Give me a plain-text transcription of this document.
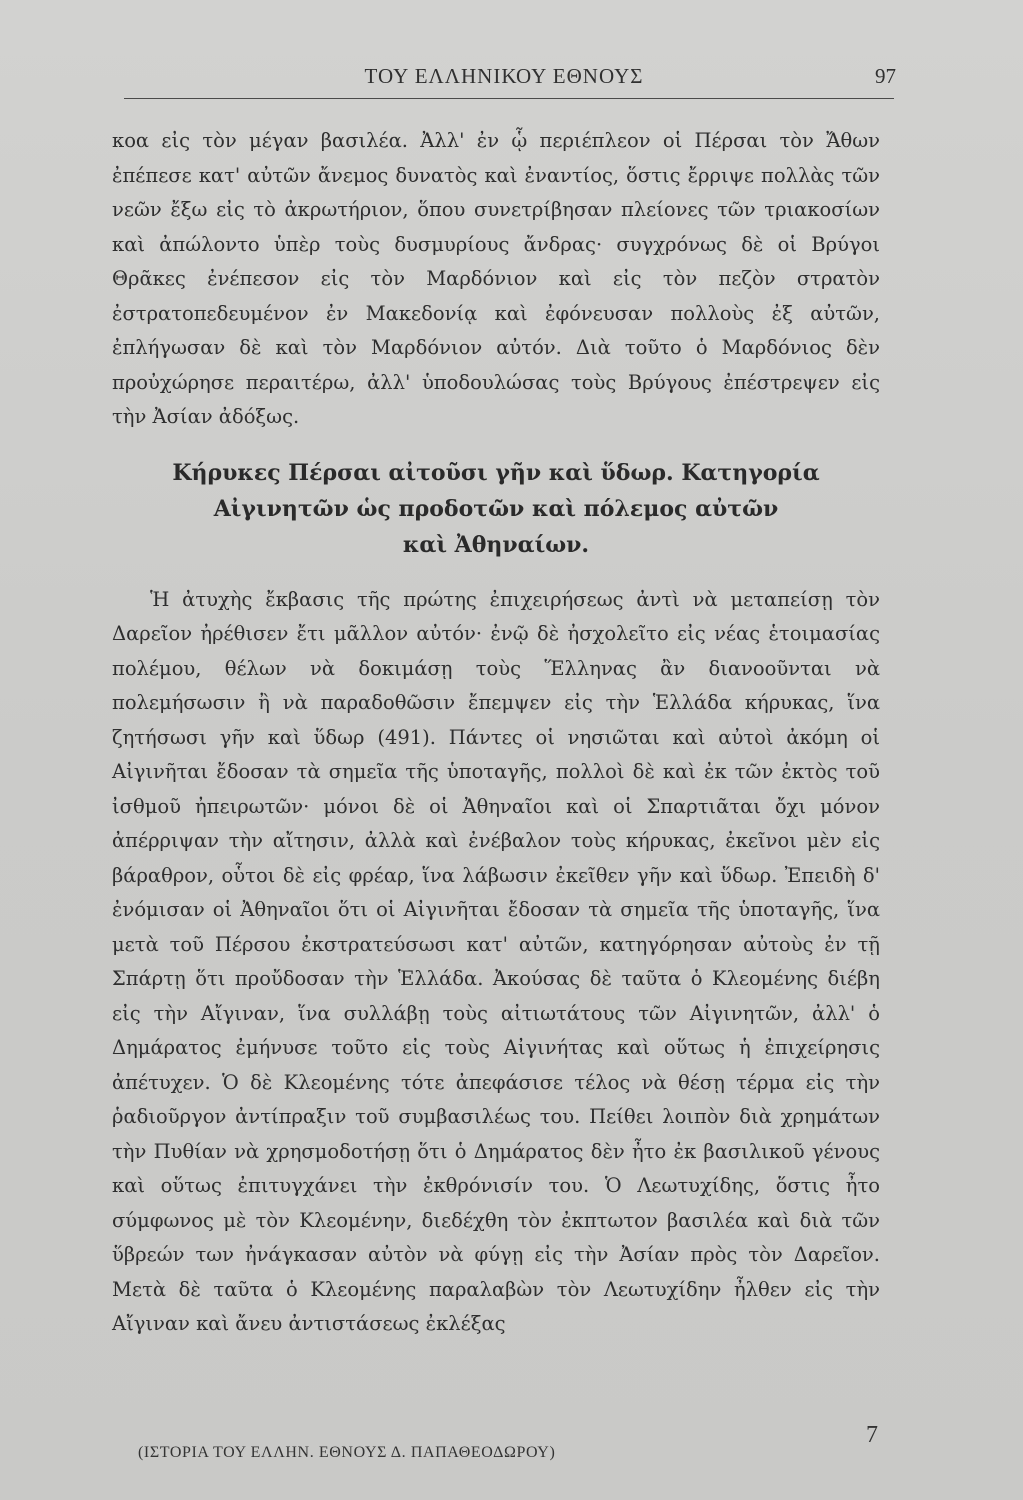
ΤΟΥ ΕΛΛΗΝΙΚΟΥ ΕΘΝΟΥΣ	97

κοα εἰς τὸν μέγαν βασιλέα. Ἀλλ' ἐν ᾧ περιέπλεον οἱ Πέρσαι τὸν Ἄθων ἐπέπεσε κατ' αὐτῶν ἄνεμος δυνατὸς καὶ ἐναντίος, ὅστις ἔρριψε πολλὰς τῶν νεῶν ἔξω εἰς τὸ ἀκρωτήριον, ὅπου συνετρίβησαν πλείονες τῶν τριακοσίων καὶ ἀπώλοντο ὑπὲρ τοὺς δυσμυρίους ἄνδρας· συγχρόνως δὲ οἱ Βρύγοι Θρᾶκες ἐνέπεσον εἰς τὸν Μαρδόνιον καὶ εἰς τὸν πεζὸν στρατὸν ἐστρατοπεδευμένον ἐν Μακεδονίᾳ καὶ ἐφόνευσαν πολλοὺς ἐξ αὐτῶν, ἐπλήγωσαν δὲ καὶ τὸν Μαρδόνιον αὐτόν. Διὰ τοῦτο ὁ Μαρδόνιος δὲν προὐχώρησε περαιτέρω, ἀλλ' ὑποδουλώσας τοὺς Βρύγους ἐπέστρεψεν εἰς τὴν Ἀσίαν ἀδόξως.

Κήρυκες Πέρσαι αἰτοῦσι γῆν καὶ ὕδωρ. Κατηγορία
Αἰγινητῶν ὡς προδοτῶν καὶ πόλεμος αὐτῶν
καὶ Ἀθηναίων.

Ἡ ἀτυχὴς ἔκβασις τῆς πρώτης ἐπιχειρήσεως ἀντὶ νὰ μεταπείσῃ τὸν Δαρεῖον ἠρέθισεν ἔτι μᾶλλον αὐτόν· ἐνῷ δὲ ἠσχολεῖτο εἰς νέας ἑτοιμασίας πολέμου, θέλων νὰ δοκιμάσῃ τοὺς Ἕλληνας ἂν διανοοῦνται νὰ πολεμήσωσιν ἢ νὰ παραδοθῶσιν ἔπεμψεν εἰς τὴν Ἑλλάδα κήρυκας, ἵνα ζητήσωσι γῆν καὶ ὕδωρ (491). Πάντες οἱ νησιῶται καὶ αὐτοὶ ἀκόμη οἱ Αἰγινῆται ἔδοσαν τὰ σημεῖα τῆς ὑποταγῆς, πολλοὶ δὲ καὶ ἐκ τῶν ἐκτὸς τοῦ ἰσθμοῦ ἠπειρωτῶν· μόνοι δὲ οἱ Ἀθηναῖοι καὶ οἱ Σπαρτιᾶται ὄχι μόνον ἀπέρριψαν τὴν αἴτησιν, ἀλλὰ καὶ ἐνέβαλον τοὺς κήρυκας, ἐκεῖνοι μὲν εἰς βάραθρον, οὗτοι δὲ εἰς φρέαρ, ἵνα λάβωσιν ἐκεῖθεν γῆν καὶ ὕδωρ. Ἐπειδὴ δ' ἐνόμισαν οἱ Ἀθηναῖοι ὅτι οἱ Αἰγινῆται ἔδοσαν τὰ σημεῖα τῆς ὑποταγῆς, ἵνα μετὰ τοῦ Πέρσου ἐκστρατεύσωσι κατ' αὐτῶν, κατηγόρησαν αὐτοὺς ἐν τῇ Σπάρτῃ ὅτι προὔδοσαν τὴν Ἑλλάδα. Ἀκούσας δὲ ταῦτα ὁ Κλεομένης διέβη εἰς τὴν Αἴγιναν, ἵνα συλλάβῃ τοὺς αἰτιωτάτους τῶν Αἰγινητῶν, ἀλλ' ὁ Δημάρατος ἐμήνυσε τοῦτο εἰς τοὺς Αἰγινήτας καὶ οὕτως ἡ ἐπιχείρησις ἀπέτυχεν. Ὁ δὲ Κλεομένης τότε ἀπεφάσισε τέλος νὰ θέσῃ τέρμα εἰς τὴν ῥαδιοῦργον ἀντίπραξιν τοῦ συμβασιλέως του. Πείθει λοιπὸν διὰ χρημάτων τὴν Πυθίαν νὰ χρησμοδοτήσῃ ὅτι ὁ Δημάρατος δὲν ἦτο ἐκ βασιλικοῦ γένους καὶ οὕτως ἐπιτυγχάνει τὴν ἐκθρόνισίν του. Ὁ Λεωτυχίδης, ὅστις ἦτο σύμφωνος μὲ τὸν Κλεομένην, διεδέχθη τὸν ἐκπτωτον βασιλέα καὶ διὰ τῶν ὕβρεών των ἠνάγκασαν αὐτὸν νὰ φύγῃ εἰς τὴν Ἀσίαν πρὸς τὸν Δαρεῖον. Μετὰ δὲ ταῦτα ὁ Κλεομένης παραλαβὼν τὸν Λεωτυχίδην ἦλθεν εἰς τὴν Αἴγιναν καὶ ἄνευ ἀντιστάσεως ἐκλέξας

(ΙΣΤΟΡΙΑ ΤΟΥ ΕΛΛΗΝ. ΕΘΝΟΥΣ Δ. ΠΑΠΑΘΕΟΔΩΡΟΥ)
7
